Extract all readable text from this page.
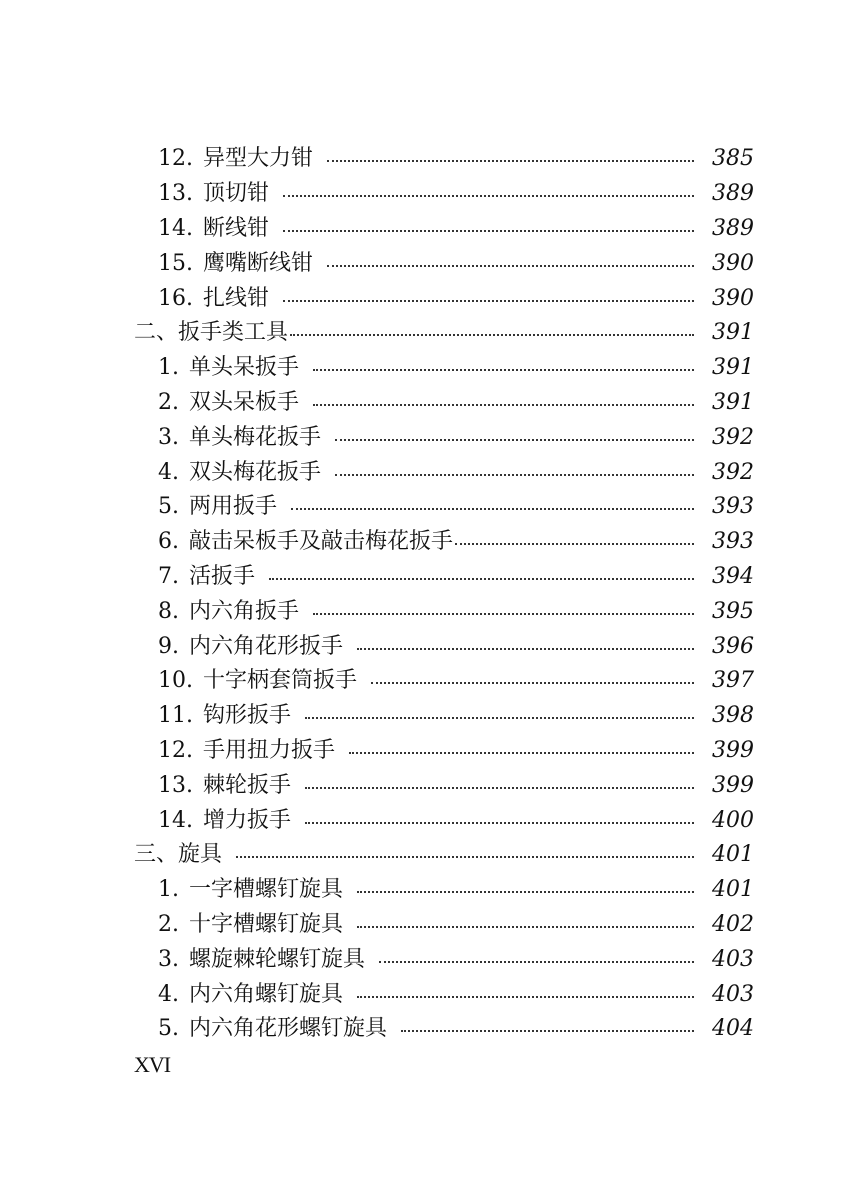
12. 异型大力钳	385
13. 顶切钳	389
14. 断线钳	389
15. 鹰嘴断线钳	390
16. 扎线钳	390
二、扳手类工具	391
1. 单头呆扳手	391
2. 双头呆板手	391
3. 单头梅花扳手	392
4. 双头梅花扳手	392
5. 两用扳手	393
6. 敲击呆板手及敲击梅花扳手	393
7. 活扳手	394
8. 内六角扳手	395
9. 内六角花形扳手	396
10. 十字柄套筒扳手	397
11. 钩形扳手	398
12. 手用扭力扳手	399
13. 棘轮扳手	399
14. 增力扳手	400
三、旋具	401
1. 一字槽螺钉旋具	401
2. 十字槽螺钉旋具	402
3. 螺旋棘轮螺钉旋具	403
4. 内六角螺钉旋具	403
5. 内六角花形螺钉旋具	404
XVI
